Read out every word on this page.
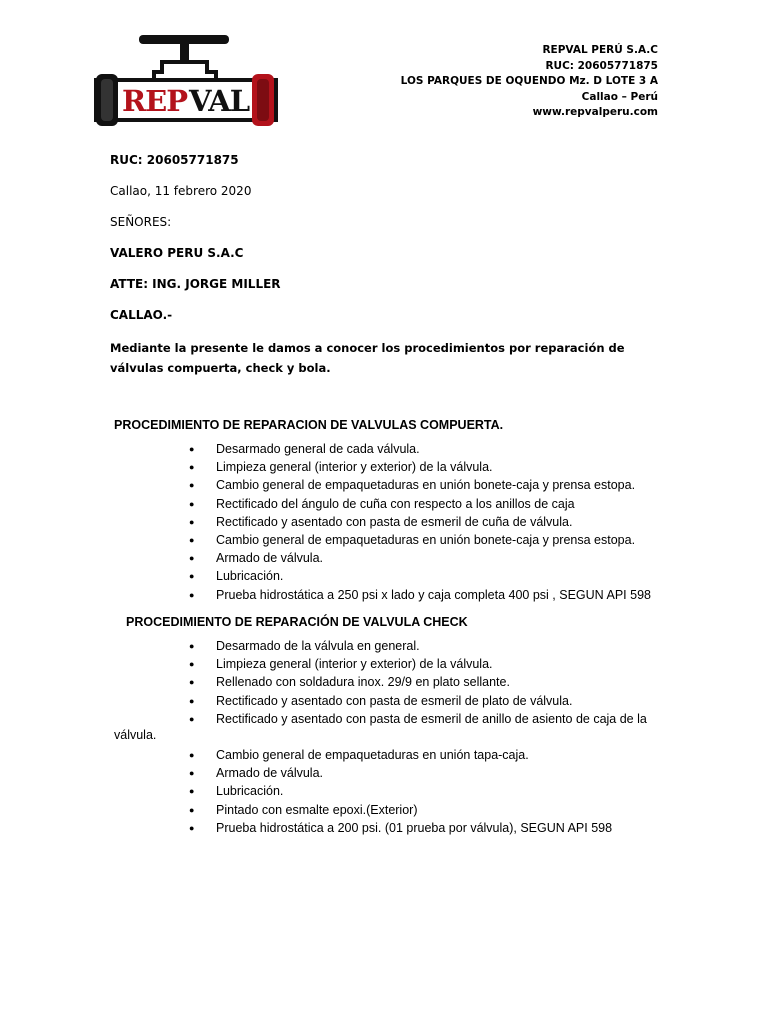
REP VAL
REPVAL PERÚ S.A.C
RUC: 20605771875
LOS PARQUES DE OQUENDO Mz. D LOTE 3 A
Callao – Perú
www.repvalperu.com
RUC: 20605771875
Callao, 11 febrero 2020
SEÑORES:
VALERO PERU S.A.C
ATTE: ING. JORGE MILLER
CALLAO.-
Mediante la presente le damos a conocer los procedimientos por reparación de válvulas compuerta, check y bola.
PROCEDIMIENTO DE REPARACION DE VALVULAS COMPUERTA.
● Desarmado general de cada válvula.
● Limpieza general (interior y exterior) de la válvula.
● Cambio general de empaquetaduras en unión bonete-caja y prensa estopa.
● Rectificado del ángulo de cuña con respecto a los anillos de caja
● Rectificado y asentado con pasta de esmeril de cuña de válvula.
● Cambio general de empaquetaduras en unión bonete-caja y prensa estopa.
● Armado de válvula.
● Lubricación.
● Prueba hidrostática a 250 psi x lado y caja completa 400 psi , SEGUN API 598
PROCEDIMIENTO DE REPARACIÓN DE VALVULA CHECK
● Desarmado de la válvula en general.
● Limpieza general (interior y exterior) de la válvula.
● Rellenado con soldadura inox. 29/9 en plato sellante.
● Rectificado y asentado con pasta de esmeril de plato de válvula.
●	Rectificado y asentado con pasta de esmeril de anillo de asiento de caja de la
válvula.
● Cambio general de empaquetaduras en unión tapa-caja.
● Armado de válvula.
● Lubricación.
● Pintado con esmalte epoxi.(Exterior)
● Prueba hidrostática a 200 psi. (01 prueba por válvula), SEGUN API 598
